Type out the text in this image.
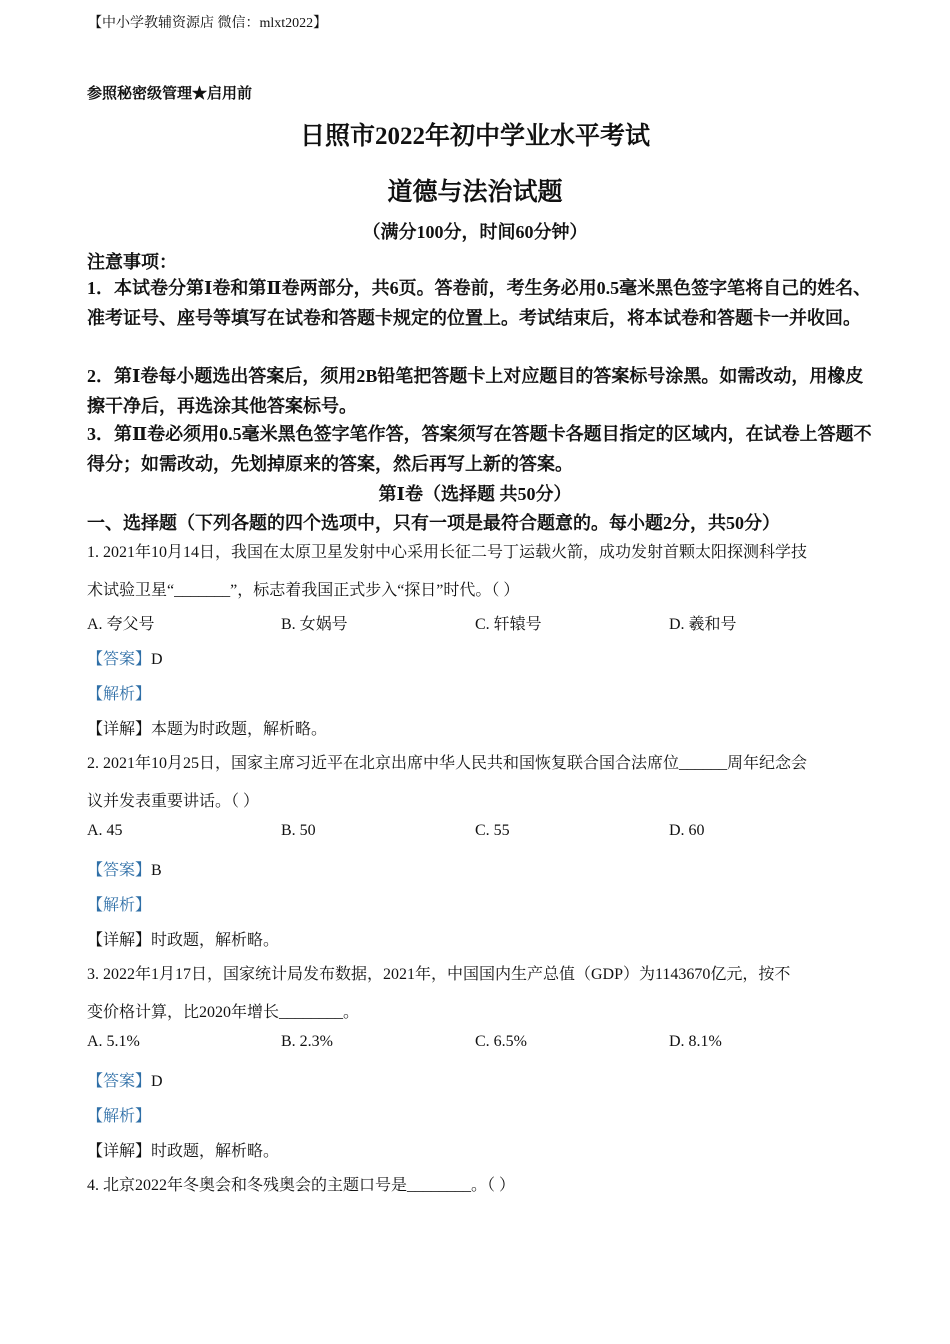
【中小学教辅资源店 微信：mlxt2022】
参照秘密级管理★启用前
日照市2022年初中学业水平考试
道德与法治试题
（满分100分，时间60分钟）
注意事项：
1．本试卷分第Ⅰ卷和第Ⅱ卷两部分，共6页。答卷前，考生务必用0.5毫米黑色签字笔将自己的姓名、准考证号、座号等填写在试卷和答题卡规定的位置上。考试结束后，将本试卷和答题卡一并收回。
2．第Ⅰ卷每小题选出答案后，须用2B铅笔把答题卡上对应题目的答案标号涂黑。如需改动，用橡皮擦干净后，再选涂其他答案标号。
3．第Ⅱ卷必须用0.5毫米黑色签字笔作答，答案须写在答题卡各题目指定的区域内，在试卷上答题不得分；如需改动，先划掉原来的答案，然后再写上新的答案。
第Ⅰ卷（选择题 共50分）
一、选择题（下列各题的四个选项中，只有一项是最符合题意的。每小题2分，共50分）
1. 2021年10月14日，我国在太原卫星发射中心采用长征二号丁运载火箭，成功发射首颗太阳探测科学技
术试验卫星“_______”，标志着我国正式步入“探日”时代。（ ）
A. 夸父号	B. 女娲号	C. 轩辕号	D. 羲和号
【答案】D
【解析】
【详解】本题为时政题，解析略。
2. 2021年10月25日，国家主席习近平在北京出席中华人民共和国恢复联合国合法席位______周年纪念会
议并发表重要讲话。（ ）
A. 45	B. 50	C. 55	D. 60
【答案】B
【解析】
【详解】时政题，解析略。
3. 2022年1月17日，国家统计局发布数据，2021年，中国国内生产总值（GDP）为1143670亿元，按不
变价格计算，比2020年增长________。
A. 5.1%	B. 2.3%	C. 6.5%	D. 8.1%
【答案】D
【解析】
【详解】时政题，解析略。
4. 北京2022年冬奥会和冬残奥会的主题口号是________。（ ）
